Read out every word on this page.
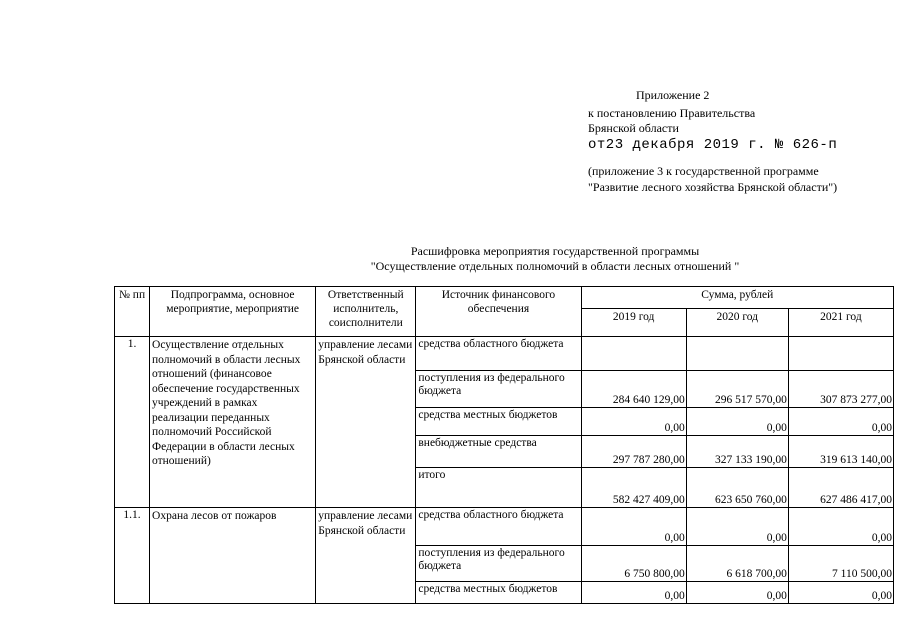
Приложение 2
к постановлению Правительства
Брянской области
от23 декабря 2019 г. № 626-п
(приложение 3 к государственной программе
"Развитие лесного хозяйства Брянской области")
Расшифровка мероприятия государственной программы
"Осуществление отдельных полномочий в области лесных отношений "
№ пп	Подпрограмма, основное мероприятие, мероприятие	Ответственный исполнитель, соисполнители	Источник финансового обеспечения	Сумма, рублей		
				2019 год	2020 год	2021 год
1.	Осуществление отдельных полномочий в области лесных отношений (финансовое обеспечение государственных учреждений в рамках реализации переданных полномочий Российской Федерации в области лесных отношений)	управление лесами Брянской области	средства областного бюджета			
			поступления из федерального бюджета	284 640 129,00	296 517 570,00	307 873 277,00
			средства местных бюджетов	0,00	0,00	0,00
			внебюджетные средства	297 787 280,00	327 133 190,00	319 613 140,00
			итого	582 427 409,00	623 650 760,00	627 486 417,00
1.1.	Охрана лесов от пожаров	управление лесами Брянской области	средства областного бюджета	0,00	0,00	0,00
			поступления из федерального бюджета	6 750 800,00	6 618 700,00	7 110 500,00
			средства местных бюджетов	0,00	0,00	0,00
